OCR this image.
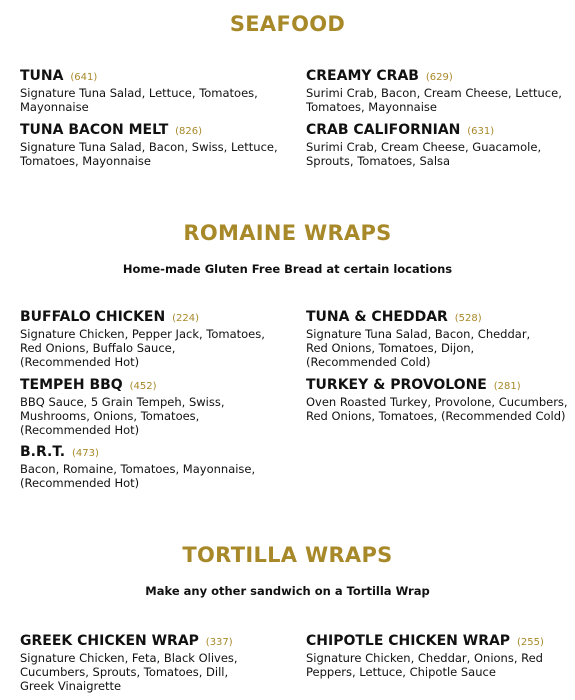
SEAFOOD
TUNA (641)
Signature Tuna Salad, Lettuce, Tomatoes,
Mayonnaise
CREAMY CRAB (629)
Surimi Crab, Bacon, Cream Cheese, Lettuce,
Tomatoes, Mayonnaise
TUNA BACON MELT (826)
Signature Tuna Salad, Bacon, Swiss, Lettuce,
Tomatoes, Mayonnaise
CRAB CALIFORNIAN (631)
Surimi Crab, Cream Cheese, Guacamole,
Sprouts, Tomatoes, Salsa
ROMAINE WRAPS
Home-made Gluten Free Bread at certain locations
BUFFALO CHICKEN (224)
Signature Chicken, Pepper Jack, Tomatoes,
Red Onions, Buffalo Sauce,
(Recommended Hot)
TUNA & CHEDDAR (528)
Signature Tuna Salad, Bacon, Cheddar,
Red Onions, Tomatoes, Dijon,
(Recommended Cold)
TEMPEH BBQ (452)
BBQ Sauce, 5 Grain Tempeh, Swiss,
Mushrooms, Onions, Tomatoes,
(Recommended Hot)
TURKEY & PROVOLONE (281)
Oven Roasted Turkey, Provolone, Cucumbers,
Red Onions, Tomatoes, (Recommended Cold)
B.R.T. (473)
Bacon, Romaine, Tomatoes, Mayonnaise,
(Recommended Hot)
TORTILLA WRAPS
Make any other sandwich on a Tortilla Wrap
GREEK CHICKEN WRAP (337)
Signature Chicken, Feta, Black Olives,
Cucumbers, Sprouts, Tomatoes, Dill,
Greek Vinaigrette
CHIPOTLE CHICKEN WRAP (255)
Signature Chicken, Cheddar, Onions, Red
Peppers, Lettuce, Chipotle Sauce
